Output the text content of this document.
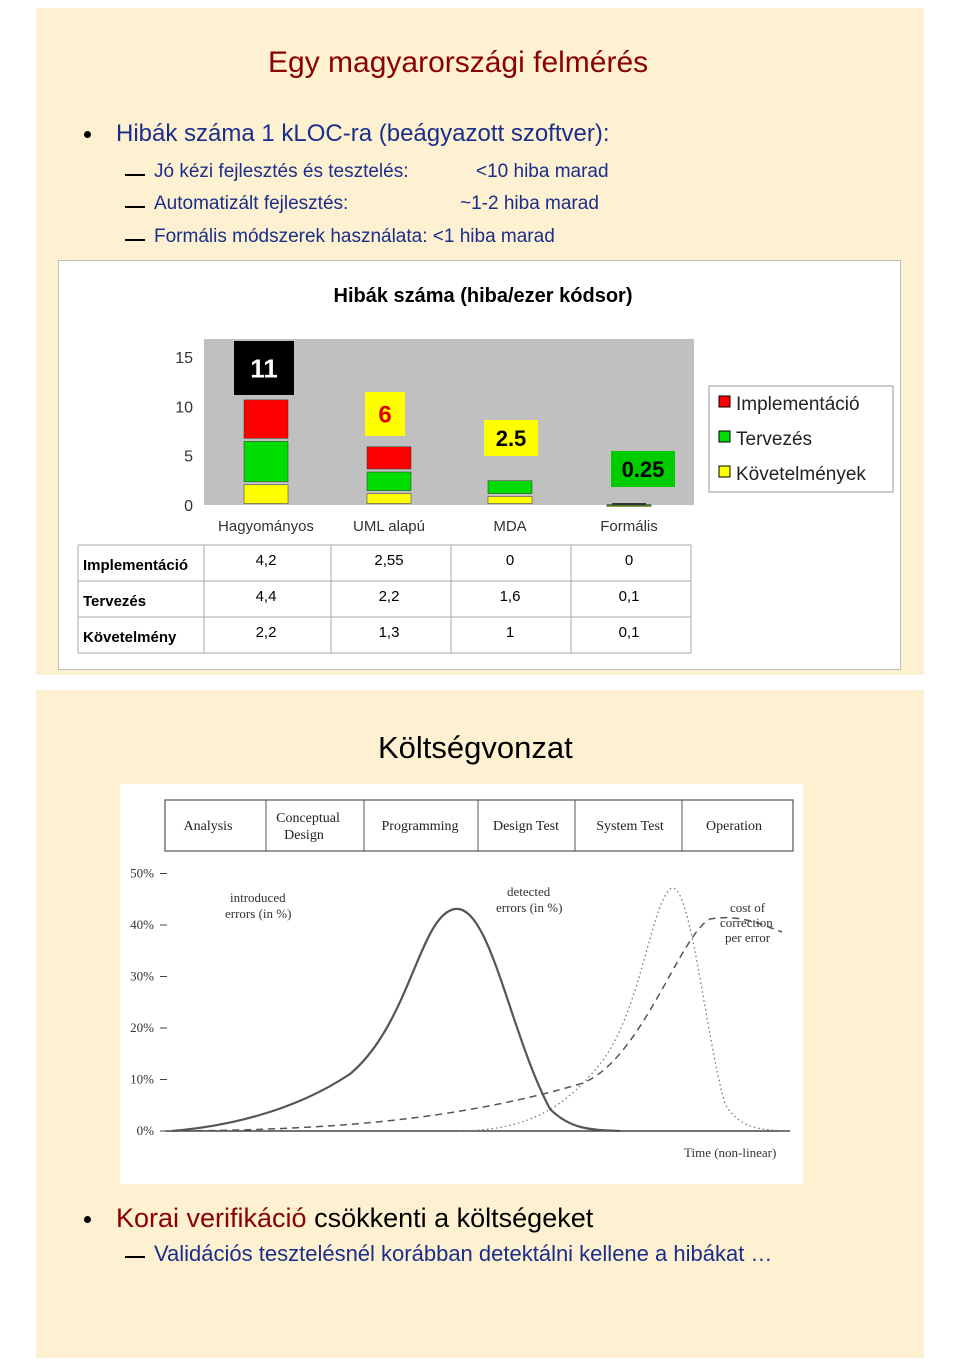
Egy magyarországi felmérés
Hibák száma 1 kLOC-ra (beágyazott szoftver):
Jó kézi fejlesztés és tesztelés:	<10 hiba marad
Automatizált fejlesztés:	~1-2 hiba marad
Formális módszerek használata: <1 hiba marad
Hibák száma (hiba/ezer kódsor)
15
10
5
0
11
6
2.5
0.25
Hagyományos	UML alapú	MDA	Formális
Implementáció
Tervezés
Követelmények
Implementáció	4,2	2,55	0	0
Tervezés	4,4	2,2	1,6	0,1
Követelmény	2,2	1,3	1	0,1
Költségvonzat
Analysis
Conceptual
Design
Programming Design Test	System Test	Operation
50%
40%
30%
20%
10%
0%
introduced
errors (in %)
detected
errors (in %)	cost of
correction
per error
Time (non-linear)
Korai verifikáció csökkenti a költségeket
Validációs tesztelésnél korábban detektálni kellene a hibákat …
